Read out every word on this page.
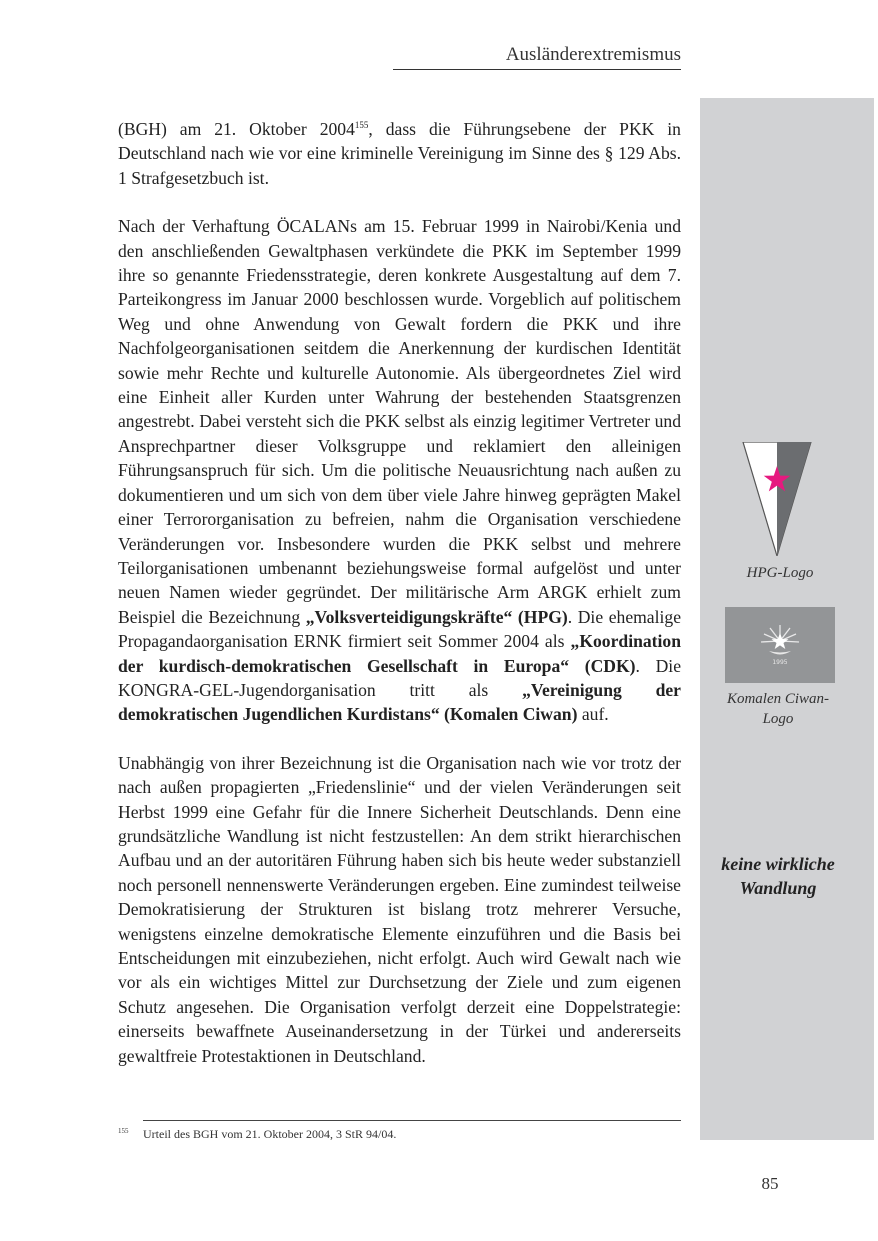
Ausländerextremismus

(BGH) am 21. Oktober 2004$^{155}$, dass die Führungsebene der PKK in Deutschland nach wie vor eine kriminelle Vereinigung im Sinne des § 129 Abs. 1 Strafgesetzbuch ist.

Nach der Verhaftung ÖCALANs am 15. Februar 1999 in Nairobi/Kenia und den anschließenden Gewaltphasen verkündete die PKK im September 1999 ihre so genannte Friedensstrategie, deren konkrete Ausgestaltung auf dem 7. Parteikongress im Januar 2000 beschlossen wurde. Vorgeblich auf politischem Weg und ohne Anwendung von Gewalt fordern die PKK und ihre Nachfolgeorganisationen seitdem die Anerkennung der kurdischen Identität sowie mehr Rechte und kulturelle Autonomie. Als übergeordnetes Ziel wird eine Einheit aller Kurden unter Wahrung der bestehenden Staatsgrenzen angestrebt. Dabei versteht sich die PKK selbst als einzig legitimer Vertreter und Ansprechpartner dieser Volksgruppe und reklamiert den alleinigen Führungsanspruch für sich. Um die politische Neuausrichtung nach außen zu dokumentieren und um sich von dem über viele Jahre hinweg geprägten Makel einer Terrororganisation zu befreien, nahm die Organisation verschiedene Veränderungen vor. Insbesondere wurden die PKK selbst und mehrere Teilorganisationen umbenannt beziehungsweise formal aufgelöst und unter neuen Namen wieder gegründet. Der militärische Arm ARGK erhielt zum Beispiel die Bezeichnung „Volksverteidigungskräfte“ (HPG). Die ehemalige Propagandaorganisation ERNK firmiert seit Sommer 2004 als „Koordination der kurdisch-demokratischen Gesellschaft in Europa“ (CDK). Die KONGRA-GEL-Jugendorganisation tritt als „Vereinigung der demokratischen Jugendlichen Kurdistans“ (Komalen Ciwan) auf.

Unabhängig von ihrer Bezeichnung ist die Organisation nach wie vor trotz der nach außen propagierten „Friedenslinie“ und der vielen Veränderungen seit Herbst 1999 eine Gefahr für die Innere Sicherheit Deutschlands. Denn eine grundsätzliche Wandlung ist nicht festzustellen: An dem strikt hierarchischen Aufbau und an der autoritären Führung haben sich bis heute weder substanziell noch personell nennenswerte Veränderungen ergeben. Eine zumindest teilweise Demokratisierung der Strukturen ist bislang trotz mehrerer Versuche, wenigstens einzelne demokratische Elemente einzuführen und die Basis bei Entscheidungen mit einzubeziehen, nicht erfolgt. Auch wird Gewalt nach wie vor als ein wichtiges Mittel zur Durchsetzung der Ziele und zum eigenen Schutz angesehen. Die Organisation verfolgt derzeit eine Doppelstrategie: einerseits bewaffnete Auseinandersetzung in der Türkei und andererseits gewaltfreie Protestaktionen in Deutschland.

155 Urteil des BGH vom 21. Oktober 2004, 3 StR 94/04.
HPG-Logo
1995
Komalen Ciwan-
Logo
keine wirkliche
Wandlung
85
